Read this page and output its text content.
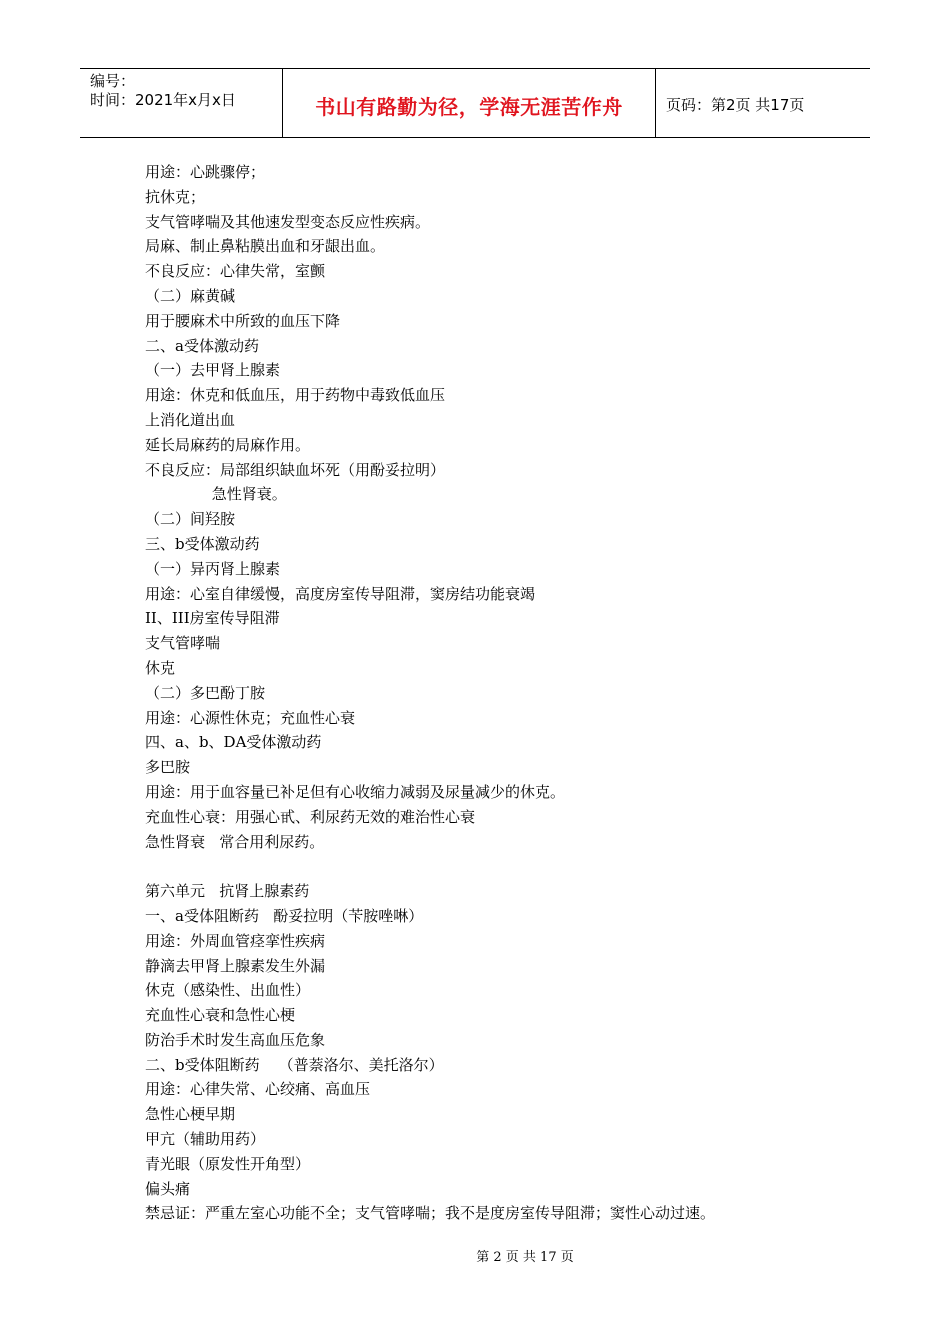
编号：
时间：2021年x月x日	书山有路勤为径，学海无涯苦作舟	页码：第2页 共17页
用途：心跳骤停；
抗休克；
支气管哮喘及其他速发型变态反应性疾病。
局麻、制止鼻粘膜出血和牙龈出血。
不良反应：心律失常，室颤
（二）麻黄碱
用于腰麻术中所致的血压下降
二、a受体激动药
（一）去甲肾上腺素
用途：休克和低血压，用于药物中毒致低血压
上消化道出血
延长局麻药的局麻作用。
不良反应：局部组织缺血坏死（用酚妥拉明）
急性肾衰。
（二）间羟胺
三、b受体激动药
（一）异丙肾上腺素
用途：心室自律缓慢，高度房室传导阻滞，窦房结功能衰竭
II、III房室传导阻滞
支气管哮喘
休克
（二）多巴酚丁胺
用途：心源性休克；充血性心衰
四、a、b、DA受体激动药
多巴胺
用途：用于血容量已补足但有心收缩力减弱及尿量减少的休克。
充血性心衰：用强心甙、利尿药无效的难治性心衰
急性肾衰   常合用利尿药。
第六单元   抗肾上腺素药
一、a受体阻断药   酚妥拉明（苄胺唑啉）
用途：外周血管痉挛性疾病
静滴去甲肾上腺素发生外漏
休克（感染性、出血性）
充血性心衰和急性心梗
防治手术时发生高血压危象
二、b受体阻断药    （普萘洛尔、美托洛尔）
用途：心律失常、心绞痛、高血压
急性心梗早期
甲亢（辅助用药）
青光眼（原发性开角型）
偏头痛
禁忌证：严重左室心功能不全；支气管哮喘；我不是度房室传导阻滞；窦性心动过速。
第 2 页 共 17 页
